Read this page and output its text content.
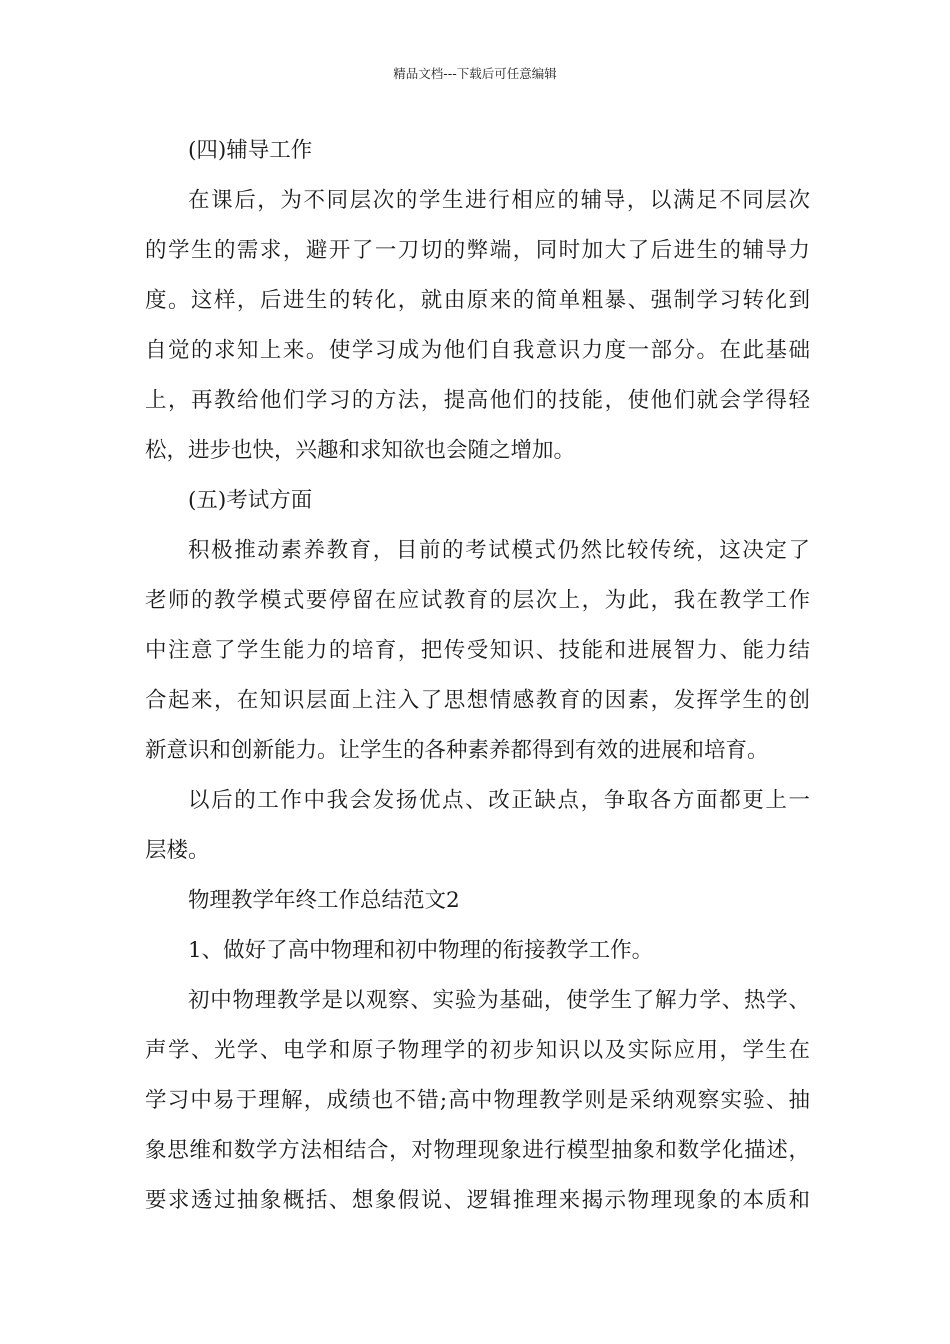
精品文档---下载后可任意编辑
(四)辅导工作
在课后，为不同层次的学生进行相应的辅导，以满足不同层次
的学生的需求，避开了一刀切的弊端，同时加大了后进生的辅导力
度。这样，后进生的转化，就由原来的简单粗暴、强制学习转化到
自觉的求知上来。使学习成为他们自我意识力度一部分。在此基础
上，再教给他们学习的方法，提高他们的技能，使他们就会学得轻
松，进步也快，兴趣和求知欲也会随之增加。
(五)考试方面
积极推动素养教育，目前的考试模式仍然比较传统，这决定了
老师的教学模式要停留在应试教育的层次上，为此，我在教学工作
中注意了学生能力的培育，把传受知识、技能和进展智力、能力结
合起来，在知识层面上注入了思想情感教育的因素，发挥学生的创
新意识和创新能力。让学生的各种素养都得到有效的进展和培育。
以后的工作中我会发扬优点、改正缺点，争取各方面都更上一
层楼。
物理教学年终工作总结范文2
1、做好了高中物理和初中物理的衔接教学工作。
初中物理教学是以观察、实验为基础，使学生了解力学、热学、
声学、光学、电学和原子物理学的初步知识以及实际应用，学生在
学习中易于理解，成绩也不错;高中物理教学则是采纳观察实验、抽
象思维和数学方法相结合，对物理现象进行模型抽象和数学化描述，
要求透过抽象概括、想象假说、逻辑推理来揭示物理现象的本质和
